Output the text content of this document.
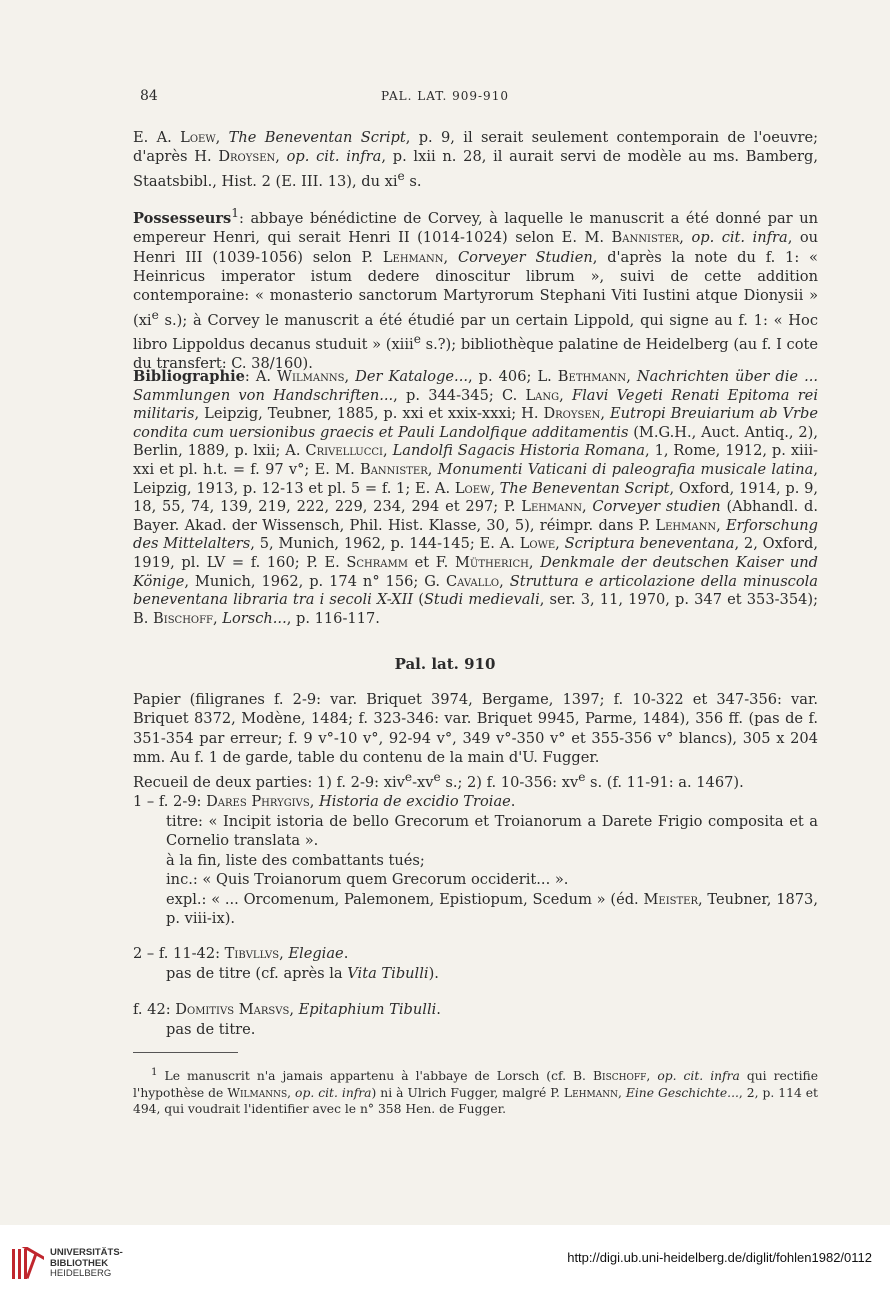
84	PAL. LAT. 909-910
E. A. Loew, The Beneventan Script, p. 9, il serait seulement contemporain de l'oeuvre; d'après H. Droysen, op. cit. infra, p. lxii n. 28, il aurait servi de modèle au ms. Bamberg, Staatsbibl., Hist. 2 (E. III. 13), du $xi^e$ s.
Possesseurs$^1$: abbaye bénédictine de Corvey, à laquelle le manuscrit a été donné par un empereur Henri, qui serait Henri II (1014-1024) selon E. M. Bannister, op. cit. infra, ou Henri III (1039-1056) selon P. Lehmann, Corveyer Studien, d'après la note du f. 1: « Heinricus imperator istum dedere dinoscitur librum », suivi de cette addition contemporaine: « monasterio sanctorum Martyrorum Stephani Viti Iustini atque Dionysii » ($xi^e$ s.); à Corvey le manuscrit a été étudié par un certain Lippold, qui signe au f. 1: « Hoc libro Lippoldus decanus studuit » (xiii$^e$ s.?); bibliothèque palatine de Heidelberg (au f. I cote du transfert: C. 38/160).
Bibliographie: A. Wilmanns, Der Kataloge..., p. 406; L. Bethmann, Nachrichten über die ... Sammlungen von Handschriften..., p. 344-345; C. Lang, Flavi Vegeti Renati Epitoma rei militaris, Leipzig, Teubner, 1885, p. xxi et xxix-xxxi; H. Droysen, Eutropi Breuiarium ab Vrbe condita cum uersionibus graecis et Pauli Landolfique additamentis (M.G.H., Auct. Antiq., 2), Berlin, 1889, p. lxii; A. Crivellucci, Landolfi Sagacis Historia Romana, 1, Rome, 1912, p. xiii-xxi et pl. h.t. = f. 97 v°; E. M. Bannister, Monumenti Vaticani di paleografia musicale latina, Leipzig, 1913, p. 12-13 et pl. 5 = f. 1; E. A. Loew, The Beneventan Script, Oxford, 1914, p. 9, 18, 55, 74, 139, 219, 222, 229, 234, 294 et 297; P. Lehmann, Corveyer studien (Abhandl. d. Bayer. Akad. der Wissensch, Phil. Hist. Klasse, 30, 5), réimpr. dans P. Lehmann, Erforschung des Mittelalters, 5, Munich, 1962, p. 144-145; E. A. Lowe, Scriptura beneventana, 2, Oxford, 1919, pl. LV = f. 160; P. E. Schramm et F. Mütherich, Denkmale der deutschen Kaiser und Könige, Munich, 1962, p. 174 n° 156; G. Cavallo, Struttura e articolazione della minuscola beneventana libraria tra i secoli X-XII (Studi medievali, ser. 3, 11, 1970, p. 347 et 353-354); B. Bischoff, Lorsch..., p. 116-117.
Pal. lat. 910
Papier (filigranes f. 2-9: var. Briquet 3974, Bergame, 1397; f. 10-322 et 347-356: var. Briquet 8372, Modène, 1484; f. 323-346: var. Briquet 9945, Parme, 1484), 356 ff. (pas de f. 351-354 par erreur; f. 9 v°-10 v°, 92-94 v°, 349 v°-350 v° et 355-356 v° blancs), 305 x 204 mm. Au f. 1 de garde, table du contenu de la main d'U. Fugger.
Recueil de deux parties: 1) f. 2-9: $xiv^e-xv^e$ s.; 2) f. 10-356: $xv^e$ s. (f. 11-91: a. 1467).
1 – f. 2-9: Dares Phrygivs, Historia de excidio Troiae.
titre: « Incipit istoria de bello Grecorum et Troianorum a Darete Frigio composita et a Cornelio translata ».
à la fin, liste des combattants tués;
inc.: « Quis Troianorum quem Grecorum occiderit... ».
expl.: « ... Orcomenum, Palemonem, Epistiopum, Scedum » (éd. Meister, Teubner, 1873, p. viii-ix).
2 – f. 11-42: Tibvllvs, Elegiae.
pas de titre (cf. après la Vita Tibulli).
f. 42: Domitivs Marsvs, Epitaphium Tibulli.
pas de titre.
$^1$ Le manuscrit n'a jamais appartenu à l'abbaye de Lorsch (cf. B. Bischoff, op. cit. infra qui rectifie l'hypothèse de Wilmanns, op. cit. infra) ni à Ulrich Fugger, malgré P. Lehmann, Eine Geschichte..., 2, p. 114 et 494, qui voudrait l'identifier avec le n° 358 Hen. de Fugger.
UNIVERSITÄTS-
BIBLIOTHEK
HEIDELBERG
http://digi.ub.uni-heidelberg.de/diglit/fohlen1982/0112
